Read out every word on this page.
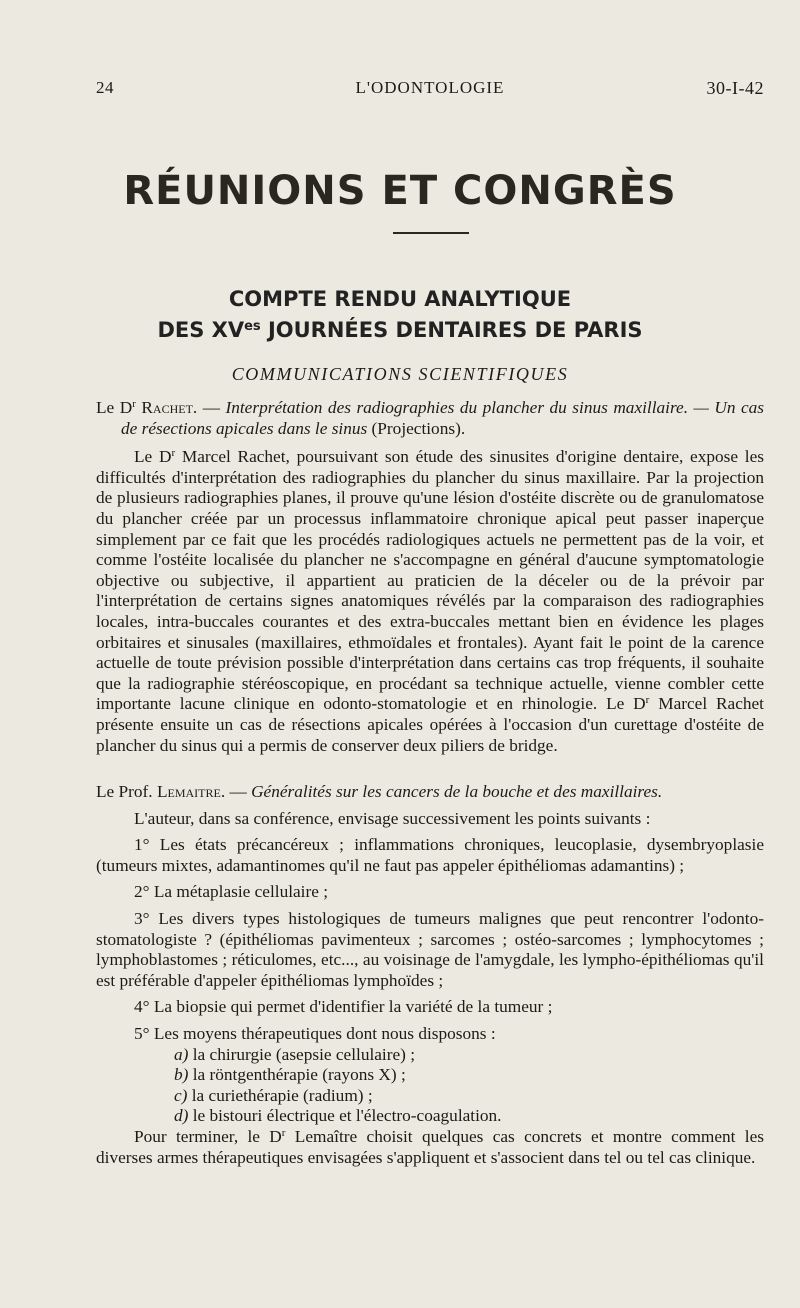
24	L'ODONTOLOGIE	30-I-42
RÉUNIONS ET CONGRÈS
COMPTE RENDU ANALYTIQUE
DES $XV^{es}$ JOURNÉES DENTAIRES DE PARIS
COMMUNICATIONS SCIENTIFIQUES

Le $D^r$ Rachet. — Interprétation des radiographies du plancher du sinus maxillaire. — Un cas de résections apicales dans le sinus (Projections).

Le $D^r$ Marcel Rachet, poursuivant son étude des sinusites d'origine dentaire, expose les difficultés d'interprétation des radiographies du plancher du sinus maxillaire. Par la projection de plusieurs radiographies planes, il prouve qu'une lésion d'ostéite discrète ou de granulomatose du plancher créée par un processus inflammatoire chronique apical peut passer inaperçue simplement par ce fait que les procédés radiologiques actuels ne permettent pas de la voir, et comme l'ostéite localisée du plancher ne s'accompagne en général d'aucune symptomatologie objective ou subjective, il appartient au praticien de la déceler ou de la prévoir par l'interprétation de certains signes anatomiques révélés par la comparaison des radiographies locales, intra-buccales courantes et des extra-buccales mettant bien en évidence les plages orbitaires et sinusales (maxillaires, ethmoïdales et frontales). Ayant fait le point de la carence actuelle de toute prévision possible d'interprétation dans certains cas trop fréquents, il souhaite que la radiographie stéréoscopique, en procédant sa technique actuelle, vienne combler cette importante lacune clinique en odonto-stomatologie et en rhinologie. Le $D^r$ Marcel Rachet présente ensuite un cas de résections apicales opérées à l'occasion d'un curettage d'ostéite de plancher du sinus qui a permis de conserver deux piliers de bridge.

Le Prof. Lemaitre. — Généralités sur les cancers de la bouche et des maxillaires.

L'auteur, dans sa conférence, envisage successivement les points suivants :

1° Les états précancéreux ; inflammations chroniques, leucoplasie, dysembryoplasie (tumeurs mixtes, adamantinomes qu'il ne faut pas appeler épithéliomas adamantins) ;

2° La métaplasie cellulaire ;

3° Les divers types histologiques de tumeurs malignes que peut rencontrer l'odonto-stomatologiste ? (épithéliomas pavimenteux ; sarcomes ; ostéo-sarcomes ; lymphocytomes ; lymphoblastomes ; réticulomes, etc..., au voisinage de l'amygdale, les lympho-épithéliomas qu'il est préférable d'appeler épithéliomas lymphoïdes ;

4° La biopsie qui permet d'identifier la variété de la tumeur ;

5° Les moyens thérapeutiques dont nous disposons :

a) la chirurgie (asepsie cellulaire) ;

b) la röntgenthérapie (rayons X) ;

c) la curiethérapie (radium) ;

d) le bistouri électrique et l'électro-coagulation.

Pour terminer, le $D^r$ Lemaître choisit quelques cas concrets et montre comment les diverses armes thérapeutiques envisagées s'appliquent et s'associent dans tel ou tel cas clinique.
